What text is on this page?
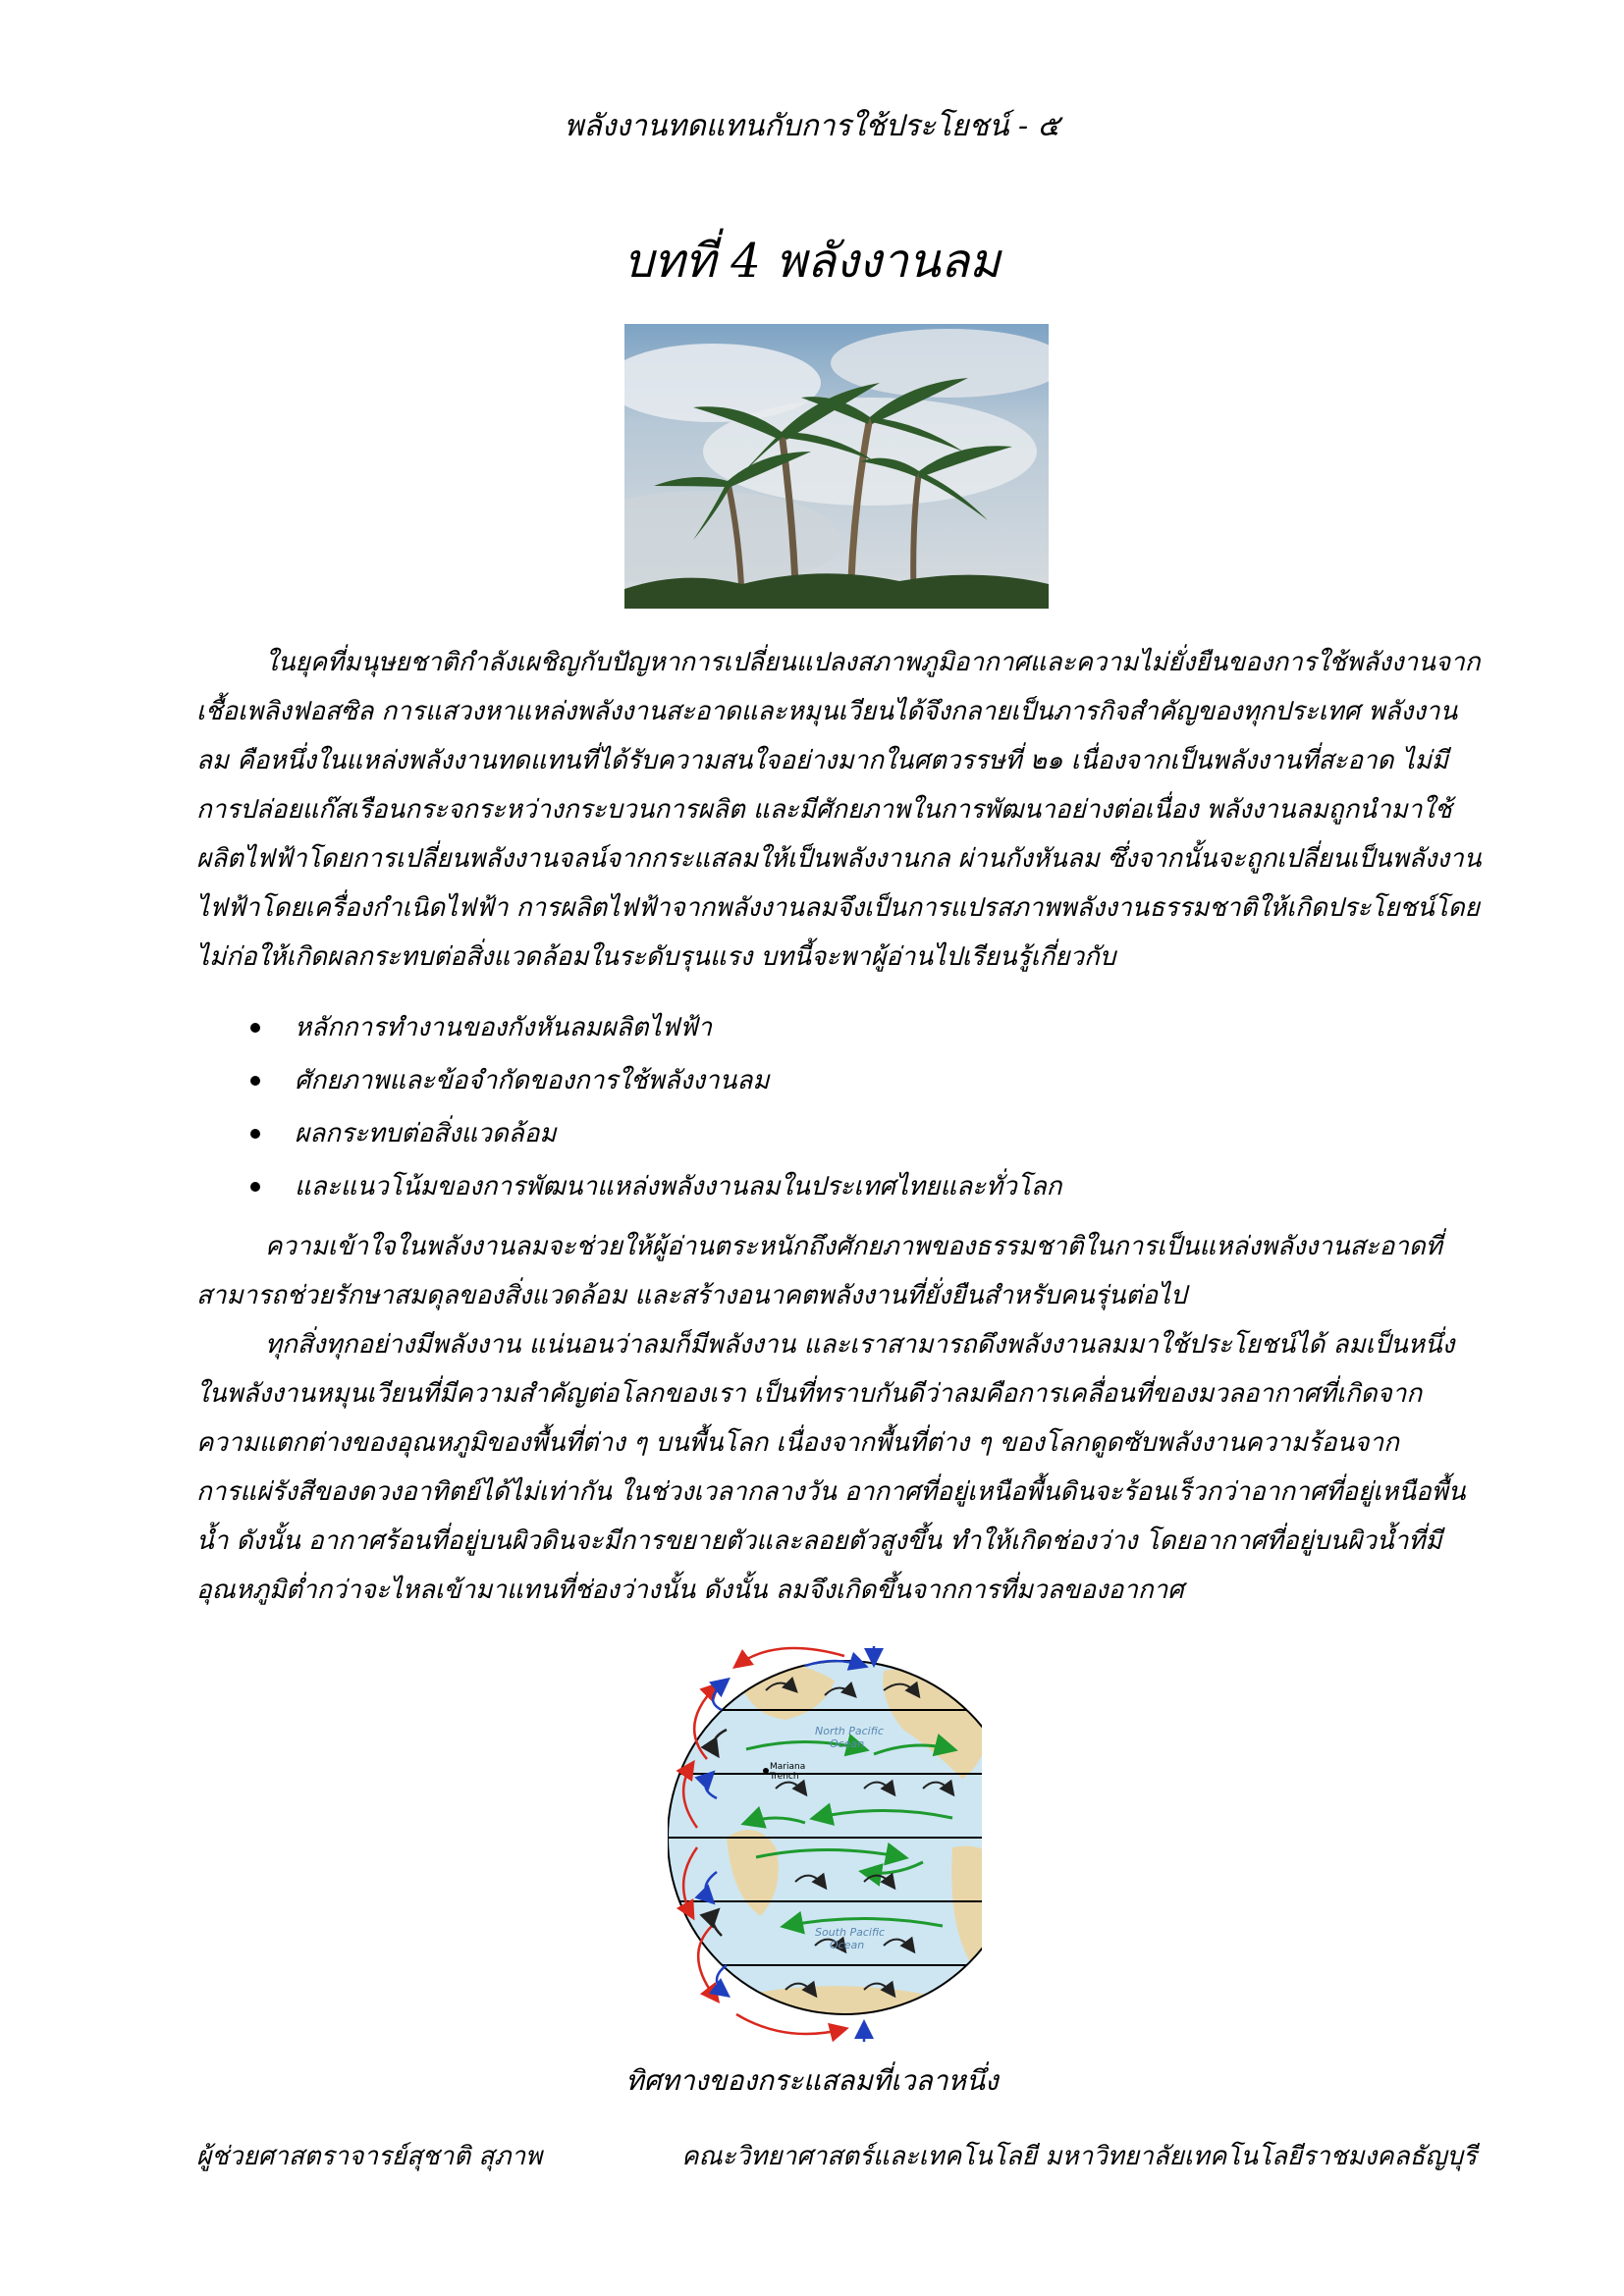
พลังงานทดแทนกับการใช้ประโยชน์ - ๕
บทที่ 4 พลังงานลม
ในยุคที่มนุษยชาติกำลังเผชิญกับปัญหาการเปลี่ยนแปลงสภาพภูมิอากาศและความไม่ยั่งยืนของการใช้พลังงานจากเชื้อเพลิงฟอสซิล การแสวงหาแหล่งพลังงานสะอาดและหมุนเวียนได้จึงกลายเป็นภารกิจสำคัญของทุกประเทศ พลังงานลม คือหนึ่งในแหล่งพลังงานทดแทนที่ได้รับความสนใจอย่างมากในศตวรรษที่ ๒๑ เนื่องจากเป็นพลังงานที่สะอาด ไม่มีการปล่อยแก๊สเรือนกระจกระหว่างกระบวนการผลิต และมีศักยภาพในการพัฒนาอย่างต่อเนื่อง พลังงานลมถูกนำมาใช้ผลิตไฟฟ้าโดยการเปลี่ยนพลังงานจลน์จากกระแสลมให้เป็นพลังงานกล ผ่านกังหันลม ซึ่งจากนั้นจะถูกเปลี่ยนเป็นพลังงานไฟฟ้าโดยเครื่องกำเนิดไฟฟ้า การผลิตไฟฟ้าจากพลังงานลมจึงเป็นการแปรสภาพพลังงานธรรมชาติให้เกิดประโยชน์โดยไม่ก่อให้เกิดผลกระทบต่อสิ่งแวดล้อมในระดับรุนแรง บทนี้จะพาผู้อ่านไปเรียนรู้เกี่ยวกับ
หลักการทำงานของกังหันลมผลิตไฟฟ้า
ศักยภาพและข้อจำกัดของการใช้พลังงานลม
ผลกระทบต่อสิ่งแวดล้อม
และแนวโน้มของการพัฒนาแหล่งพลังงานลมในประเทศไทยและทั่วโลก
ความเข้าใจในพลังงานลมจะช่วยให้ผู้อ่านตระหนักถึงศักยภาพของธรรมชาติในการเป็นแหล่งพลังงานสะอาดที่สามารถช่วยรักษาสมดุลของสิ่งแวดล้อม และสร้างอนาคตพลังงานที่ยั่งยืนสำหรับคนรุ่นต่อไป
ทุกสิ่งทุกอย่างมีพลังงาน แน่นอนว่าลมก็มีพลังงาน และเราสามารถดึงพลังงานลมมาใช้ประโยชน์ได้ ลมเป็นหนึ่งในพลังงานหมุนเวียนที่มีความสำคัญต่อโลกของเรา เป็นที่ทราบกันดีว่าลมคือการเคลื่อนที่ของมวลอากาศที่เกิดจากความแตกต่างของอุณหภูมิของพื้นที่ต่าง ๆ บนพื้นโลก เนื่องจากพื้นที่ต่าง ๆ ของโลกดูดซับพลังงานความร้อนจากการแผ่รังสีของดวงอาทิตย์ได้ไม่เท่ากัน ในช่วงเวลากลางวัน อากาศที่อยู่เหนือพื้นดินจะร้อนเร็วกว่าอากาศที่อยู่เหนือพื้นน้ำ ดังนั้น อากาศร้อนที่อยู่บนผิวดินจะมีการขยายตัวและลอยตัวสูงขึ้น ทำให้เกิดช่องว่าง โดยอากาศที่อยู่บนผิวน้ำที่มีอุณหภูมิต่ำกว่าจะไหลเข้ามาแทนที่ช่องว่างนั้น ดังนั้น ลมจึงเกิดขึ้นจากการที่มวลของอากาศ
North Pacific
Ocean
South Pacific
Ocean
Mariana
Trench
ทิศทางของกระแสลมที่เวลาหนึ่ง
ผู้ช่วยศาสตราจารย์สุชาติ สุภาพ	คณะวิทยาศาสตร์และเทคโนโลยี มหาวิทยาลัยเทคโนโลยีราชมงคลธัญบุรี
